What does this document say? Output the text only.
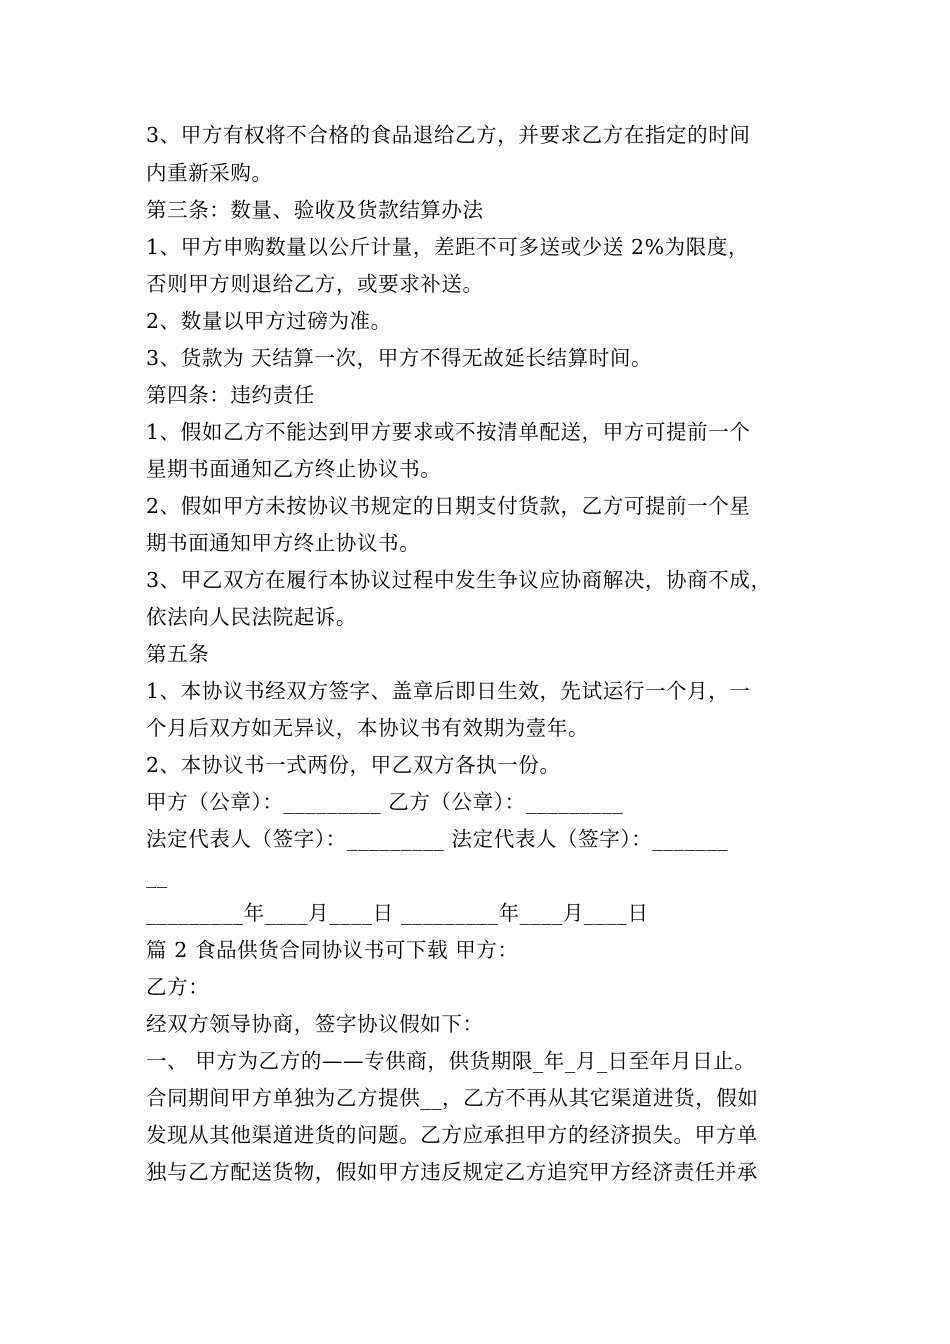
3、甲方有权将不合格的食品退给乙方，并要求乙方在指定的时间
内重新采购。
第三条：数量、验收及货款结算办法
1、甲方申购数量以公斤计量，差距不可多送或少送 2%为限度，
否则甲方则退给乙方，或要求补送。
2、数量以甲方过磅为准。
3、货款为 天结算一次，甲方不得无故延长结算时间。
第四条：违约责任
1、假如乙方不能达到甲方要求或不按清单配送，甲方可提前一个
星期书面通知乙方终止协议书。
2、假如甲方未按协议书规定的日期支付货款，乙方可提前一个星
期书面通知甲方终止协议书。
3、甲乙双方在履行本协议过程中发生争议应协商解决，协商不成，
依法向人民法院起诉。
第五条
1、本协议书经双方签字、盖章后即日生效，先试运行一个月，一
个月后双方如无异议，本协议书有效期为壹年。
2、本协议书一式两份，甲乙双方各执一份。
甲方（公章）：_________ 乙方（公章）：_________
法定代表人（签字）：_________ 法定代表人（签字）：_______
__
_________年____月____日 _________年____月____日
篇 2 食品供货合同协议书可下载 甲方：
乙方：
经双方领导协商，签字协议假如下：
一、 甲方为乙方的——专供商，供货期限_年_月_日至年月日止。
合同期间甲方单独为乙方提供__，乙方不再从其它渠道进货，假如
发现从其他渠道进货的问题。乙方应承担甲方的经济损失。甲方单
独与乙方配送货物，假如甲方违反规定乙方追究甲方经济责任并承
